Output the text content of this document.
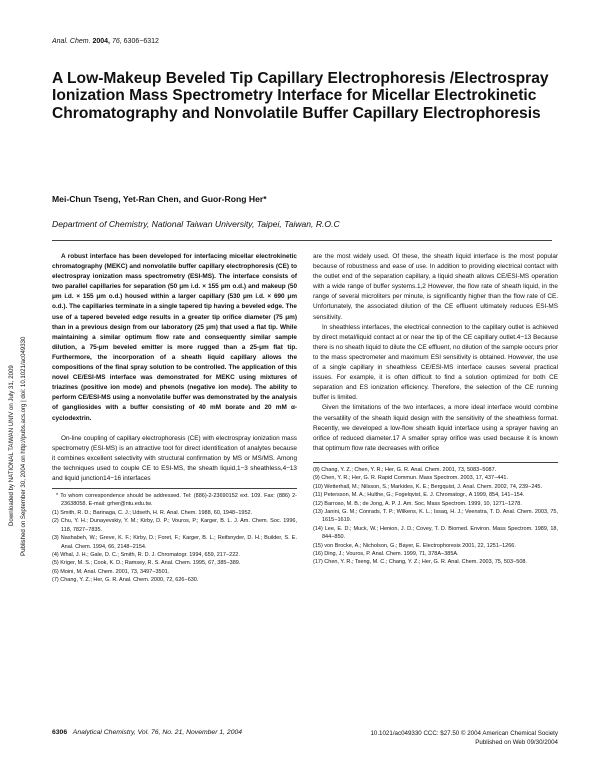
Anal. Chem. 2004, 76, 6306−6312
A Low-Makeup Beveled Tip Capillary Electrophoresis /Electrospray Ionization Mass Spectrometry Interface for Micellar Electrokinetic Chromatography and Nonvolatile Buffer Capillary Electrophoresis
Mei-Chun Tseng, Yet-Ran Chen, and Guor-Rong Her*
Department of Chemistry, National Taiwan University, Taipei, Taiwan, R.O.C
Downloaded by NATIONAL TAIWAN UNIV on July 31, 2009 Published on September 30, 2004 on http://pubs.acs.org | doi: 10.1021/ac049330

A robust interface has been developed for interfacing micellar electrokinetic chromatography (MEKC) and nonvolatile buffer capillary electrophoresis (CE) to electrospray ionization mass spectrometry (ESI-MS). The interface consists of two parallel capillaries for separation (50 μm i.d. × 155 μm o.d.) and makeup (50 μm i.d. × 155 μm o.d.) housed within a larger capillary (530 μm i.d. × 690 μm o.d.). The capillaries terminate in a single tapered tip having a beveled edge. The use of a tapered beveled edge results in a greater tip orifice diameter (75 μm) than in a previous design from our laboratory (25 μm) that used a flat tip. While maintaining a similar optimum flow rate and consequently similar sample dilution, a 75-μm beveled emitter is more rugged than a 25-μm flat tip. Furthermore, the incorporation of a sheath liquid capillary allows the compositions of the final spray solution to be controlled. The application of this novel CE/ESI-MS interface was demonstrated for MEKC using mixtures of triazines (positive ion mode) and phenols (negative ion mode). The ability to perform CE/ESI-MS using a nonvolatile buffer was demonstrated by the analysis of gangliosides with a buffer consisting of 40 mM borate and 20 mM α-cyclodextrin.

On-line coupling of capillary electrophoresis (CE) with electrospray ionization mass spectrometry (ESI-MS) is an attractive tool for direct identification of analytes because it combines excellent selectivity with structural confirmation by MS or MS/MS. Among the techniques used to couple CE to ESI-MS, the sheath liquid,1−3 sheathless,4−13 and liquid junction14−16 interfaces

* To whom correspondence should be addressed. Tel: (886)-2-23690152 ext. 109. Fax: (886) 2-23638058. E-mail: grher@ntu.edu.tw.

(1) Smith, R. D.; Barinaga, C. J.; Udseth, H. R. Anal. Chem. 1988, 60, 1948−1952.

(2) Chu, Y. H.; Dunayevskiy, Y. M.; Kirby, D. P.; Vouros, P.; Karger, B. L. J. Am. Chem. Soc. 1996, 118, 7827−7835.

(3) Nashabeh, W.; Greve, K. F.; Kirby, D.; Foret, F.; Karger, B. L.; Reifsnyder, D. H.; Builder, S. E. Anal. Chem. 1994, 66, 2148−2154.

(4) Whal, J. H.; Gale, D. C.; Smith, R. D. J. Chromatogr. 1994, 659, 217−222.

(5) Kriger, M. S.; Cook, K. D.; Ramsey, R. S. Anal. Chem. 1995, 67, 385−389.

(6) Moini, M. Anal. Chem. 2001, 73, 3497−3501.

(7) Chang, Y. Z.; Her, G. R. Anal. Chem. 2000, 72, 626−630.

are the most widely used. Of these, the sheath liquid interface is the most popular because of robustness and ease of use. In addition to providing electrical contact with the outlet end of the separation capillary, a liquid sheath allows CE/ESI-MS operation with a wide range of buffer systems.1,2 However, the flow rate of sheath liquid, in the range of several microliters per minute, is significantly higher than the flow rate of CE. Unfortunately, the associated dilution of the CE effluent ultimately reduces ESI-MS sensitivity.

In sheathless interfaces, the electrical connection to the capillary outlet is achieved by direct metal/liquid contact at or near the tip of the CE capillary outlet.4−13 Because there is no sheath liquid to dilute the CE effluent, no dilution of the sample occurs prior to the mass spectrometer and maximum ESI sensitivity is obtained. However, the use of a single capillary in sheathless CE/ESI-MS interface causes several practical issues. For example, it is often difficult to find a solution optimized for both CE separation and ES ionization efficiency. Therefore, the selection of the CE running buffer is limited.

Given the limitations of the two interfaces, a more ideal interface would combine the versatility of the sheath liquid design with the sensitivity of the sheathless format. Recently, we developed a low-flow sheath liquid interface using a sprayer having an orifice of reduced diameter.17 A smaller spray orifice was used because it is known that optimum flow rate decreases with orifice

(8) Chang, Y. Z.; Chen, Y. R.; Her, G. R. Anal. Chem. 2001, 73, 5083−5087.

(9) Chen, Y. R.; Her, G. R. Rapid Commun. Mass Spectrom. 2003, 17, 437−441.

(10) Wetterhall, M.; Nilsson, S.; Markides, K. E.; Bergquist, J. Anal. Chem. 2002, 74, 239−245.

(11) Petersson, M. A.; Hulthe, G.; Fogelqvist, E. J. Chromatogr., A 1999, 854, 141−154.

(12) Barroso, M. B.; de Jong, A. P. J. Am. Soc. Mass Spectrom. 1999, 10, 1271−1278.

(13) Janini, G. M.; Conrads, T. P.; Wilkens, K. L.; Issaq, H. J.; Veenstra, T. D. Anal. Chem. 2003, 75, 1615−1619.

(14) Lee, E. D.; Muck, W.; Henion, J. D.; Covey, T. D. Biomed. Environ. Mass Spectrom. 1989, 18, 844−850.

(15) von Brocke, A.; Nicholson, G.; Bayer, E. Electrophoresis 2001, 22, 1251−1266.

(16) Ding, J.; Vouros, P. Anal. Chem. 1999, 71, 378A−385A.

(17) Chen, Y. R.; Tseng, M. C.; Chang, Y. Z.; Her, G. R. Anal. Chem. 2003, 75, 503−508.

6306 Analytical Chemistry, Vol. 76, No. 21, November 1, 2004	10.1021/ac049330 CCC: $27.50 © 2004 American Chemical Society
Published on Web 09/30/2004
